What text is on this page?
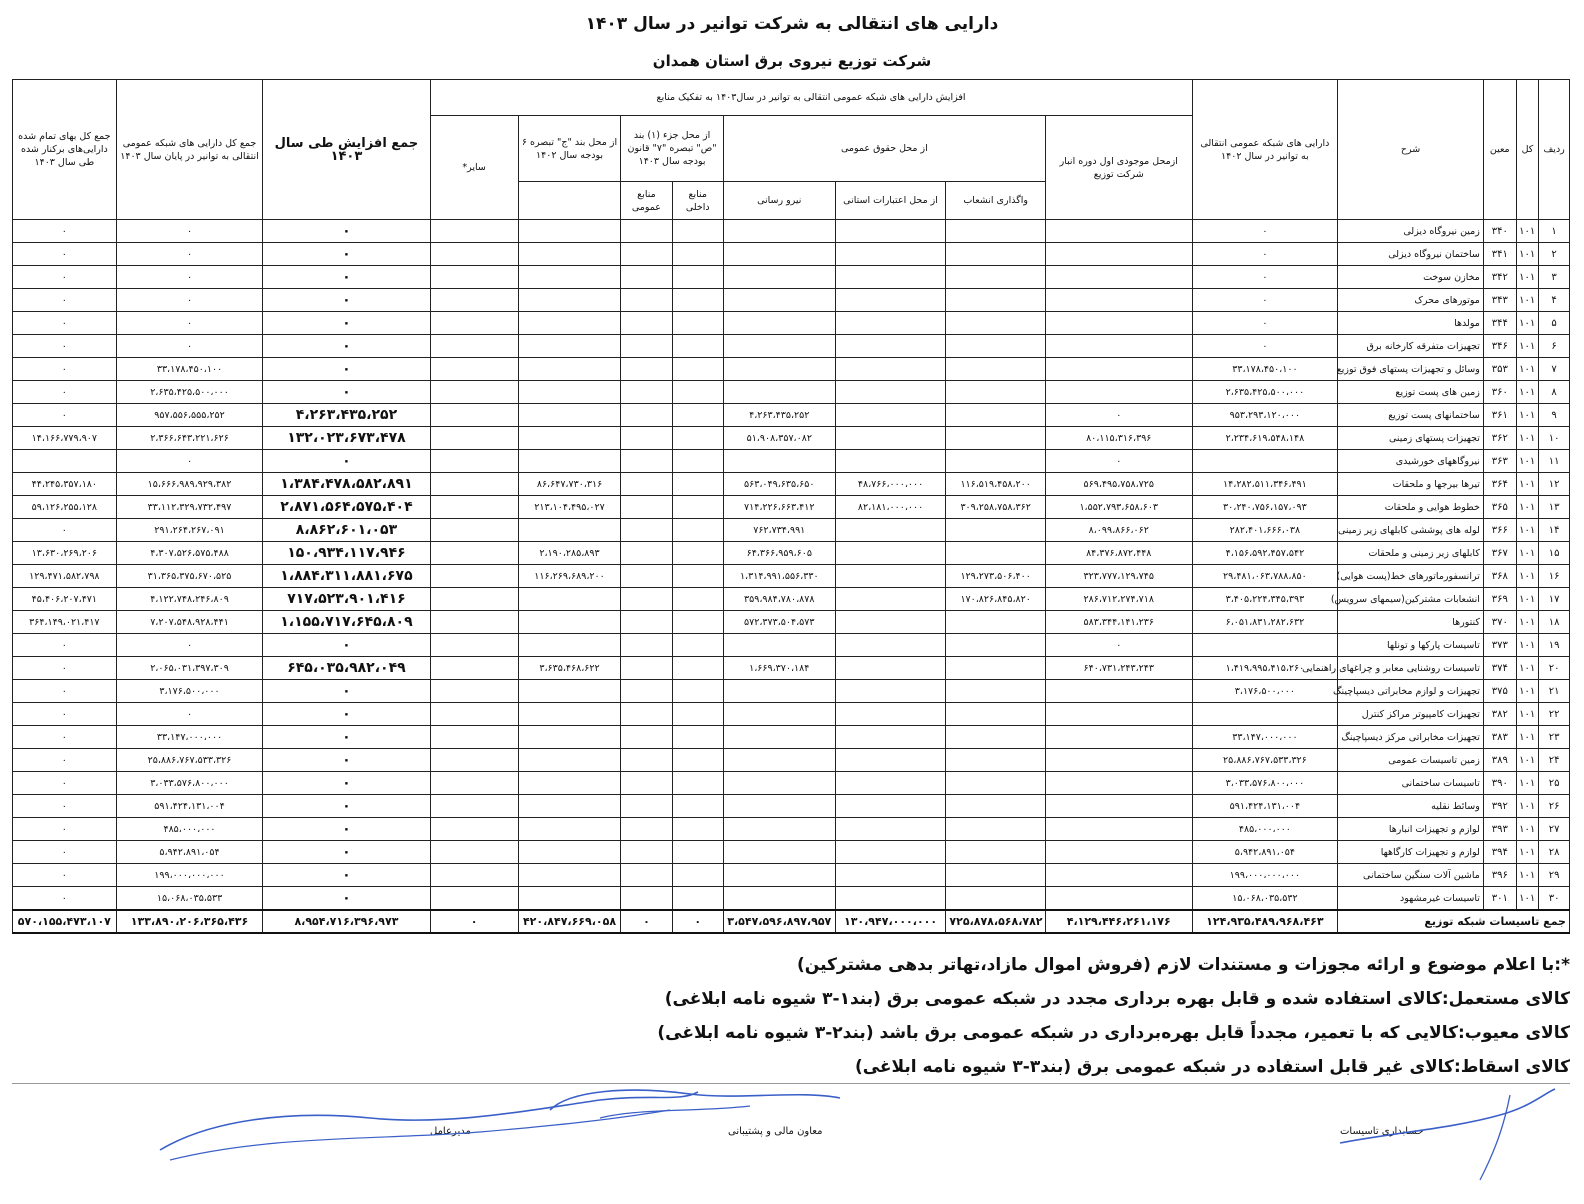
دارایی های انتقالی به شرکت توانیر در سال ۱۴۰۳
شرکت توزیع نیروی برق استان همدان
ردیف	کل	معین	شرح	دارایی های شبکه عمومی انتقالی به توانیر در سال ۱۴۰۲	افزایش دارایی های شبکه عمومی انتقالی به توانیر در سال۱۴۰۳ به تفکیک منابع								جمع افزایش طی سال ۱۴۰۳	جمع کل دارایی های شبکه عمومی انتقالی به توانیر در پایان سال ۱۴۰۳	جمع کل بهای تمام شده دارایی‌های برکنار شده طی سال ۱۴۰۳
					ازمحل موجودی اول دوره انبار شرکت توزیع	از محل حقوق عمومی			از محل جزء (۱) بند "ص" تبصره "۷" قانون بودجه سال ۱۴۰۳		از محل بند "ج" تبصره ۶ بودجه سال ۱۴۰۲	سایر*			
						واگذاری انشعاب	از محل اعتبارات استانی	نیرو رسانی	منابع داخلی	منابع عمومی					
۱	۱۰۱	۳۴۰	زمین نیروگاه دیزلی	۰									۰	۰	۰
۲	۱۰۱	۳۴۱	ساختمان نیروگاه دیزلی	۰									۰	۰	۰
۳	۱۰۱	۳۴۲	مخازن سوخت	۰									۰	۰	۰
۴	۱۰۱	۳۴۳	موتورهای محرک	۰									۰	۰	۰
۵	۱۰۱	۳۴۴	مولدها	۰									۰	۰	۰
۶	۱۰۱	۳۴۶	تجهیزات متفرقه کارخانه برق	۰									۰	۰	۰
۷	۱۰۱	۳۵۳	وسائل و تجهیزات پستهای فوق توزیع	۳۳،۱۷۸،۴۵۰،۱۰۰									۰	۳۳،۱۷۸،۴۵۰،۱۰۰	۰
۸	۱۰۱	۳۶۰	زمین های پست توزیع	۲،۶۳۵،۴۲۵،۵۰۰،۰۰۰									۰	۲،۶۳۵،۴۲۵،۵۰۰،۰۰۰	۰
۹	۱۰۱	۳۶۱	ساختمانهای پست توزیع	۹۵۳،۲۹۳،۱۲۰،۰۰۰	۰			۴،۲۶۳،۴۳۵،۲۵۲					۴،۲۶۳،۴۳۵،۲۵۲	۹۵۷،۵۵۶،۵۵۵،۲۵۲	۰
۱۰	۱۰۱	۳۶۲	تجهیزات پستهای زمینی	۲،۲۳۴،۶۱۹،۵۴۸،۱۴۸	۸۰،۱۱۵،۳۱۶،۳۹۶			۵۱،۹۰۸،۳۵۷،۰۸۲					۱۳۲،۰۲۳،۶۷۳،۴۷۸	۲،۳۶۶،۶۴۳،۲۲۱،۶۲۶	۱۴،۱۶۶،۷۷۹،۹۰۷
۱۱	۱۰۱	۳۶۳	نیروگاههای خورشیدی		۰								۰	۰	
۱۲	۱۰۱	۳۶۴	تیرها بیرجها و ملحقات	۱۴،۲۸۲،۵۱۱،۳۴۶،۴۹۱	۵۶۹،۴۹۵،۷۵۸،۷۲۵	۱۱۶،۵۱۹،۴۵۸،۲۰۰	۴۸،۷۶۶،۰۰۰،۰۰۰	۵۶۳،۰۴۹،۶۳۵،۶۵۰			۸۶،۶۴۷،۷۳۰،۳۱۶		۱،۳۸۴،۴۷۸،۵۸۲،۸۹۱	۱۵،۶۶۶،۹۸۹،۹۲۹،۳۸۲	۴۴،۲۴۵،۳۵۷،۱۸۰
۱۳	۱۰۱	۳۶۵	خطوط هوایی و ملحقات	۳۰،۲۴۰،۷۵۶،۱۵۷،۰۹۳	۱،۵۵۲،۷۹۳،۶۵۸،۶۰۳	۳۰۹،۲۵۸،۷۵۸،۳۶۲	۸۲،۱۸۱،۰۰۰،۰۰۰	۷۱۴،۲۲۶،۶۶۳،۴۱۲			۲۱۳،۱۰۴،۴۹۵،۰۲۷		۲،۸۷۱،۵۶۴،۵۷۵،۴۰۴	۳۳،۱۱۲،۳۲۹،۷۳۲،۴۹۷	۵۹،۱۲۶،۲۵۵،۱۲۸
۱۴	۱۰۱	۳۶۶	لوله های پوششی کابلهای زیر زمینی	۲۸۲،۴۰۱،۶۶۶،۰۳۸	۸،۰۹۹،۸۶۶،۰۶۲			۷۶۲،۷۳۴،۹۹۱					۸،۸۶۲،۶۰۱،۰۵۳	۲۹۱،۲۶۴،۲۶۷،۰۹۱	۰
۱۵	۱۰۱	۳۶۷	کابلهای زیر زمینی و ملحقات	۴،۱۵۶،۵۹۲،۴۵۷،۵۴۲	۸۴،۳۷۶،۸۷۲،۴۴۸			۶۴،۳۶۶،۹۵۹،۶۰۵			۲،۱۹۰،۲۸۵،۸۹۳		۱۵۰،۹۳۴،۱۱۷،۹۴۶	۴،۳۰۷،۵۲۶،۵۷۵،۴۸۸	۱۳،۶۳۰،۲۶۹،۲۰۶
۱۶	۱۰۱	۳۶۸	ترانسفورماتورهای خط(پست هوایی)	۲۹،۴۸۱،۰۶۳،۷۸۸،۸۵۰	۳۲۳،۷۷۷،۱۲۹،۷۴۵	۱۲۹،۲۷۳،۵۰۶،۴۰۰		۱،۳۱۴،۹۹۱،۵۵۶،۳۳۰			۱۱۶،۲۶۹،۶۸۹،۲۰۰		۱،۸۸۴،۳۱۱،۸۸۱،۶۷۵	۳۱،۳۶۵،۳۷۵،۶۷۰،۵۲۵	۱۲۹،۴۷۱،۵۸۲،۷۹۸
۱۷	۱۰۱	۳۶۹	انشعابات مشترکین(سیمهای سرویس)	۳،۴۰۵،۲۲۴،۳۴۵،۳۹۳	۲۸۶،۷۱۲،۲۷۴،۷۱۸	۱۷۰،۸۲۶،۸۴۵،۸۲۰		۳۵۹،۹۸۴،۷۸۰،۸۷۸					۷۱۷،۵۲۳،۹۰۱،۴۱۶	۴،۱۲۲،۷۴۸،۲۴۶،۸۰۹	۴۵،۴۰۶،۲۰۷،۴۷۱
۱۸	۱۰۱	۳۷۰	کنتورها	۶،۰۵۱،۸۳۱،۲۸۲،۶۳۲	۵۸۳،۳۴۴،۱۴۱،۲۳۶			۵۷۲،۳۷۳،۵۰۴،۵۷۳					۱،۱۵۵،۷۱۷،۶۴۵،۸۰۹	۷،۲۰۷،۵۴۸،۹۲۸،۴۴۱	۳۶۴،۱۴۹،۰۲۱،۴۱۷
۱۹	۱۰۱	۳۷۳	تاسیسات پارکها و تونلها		۰								۰	۰	۰
۲۰	۱۰۱	۳۷۴	تاسیسات روشنایی معابر و چراغهای راهنمایی	۱،۴۱۹،۹۹۵،۴۱۵،۲۶۰	۶۴۰،۷۳۱،۲۴۳،۲۴۳			۱،۶۶۹،۳۷۰،۱۸۴			۳،۶۳۵،۴۶۸،۶۲۲		۶۴۵،۰۳۵،۹۸۲،۰۴۹	۲،۰۶۵،۰۳۱،۳۹۷،۳۰۹	۰
۲۱	۱۰۱	۳۷۵	تجهیزات و لوازم مخابراتی دیسپاچینگ	۳،۱۷۶،۵۰۰،۰۰۰									۰	۳،۱۷۶،۵۰۰،۰۰۰	۰
۲۲	۱۰۱	۳۸۲	تجهیزات کامپیوتر مراکز کنترل										۰	۰	۰
۲۳	۱۰۱	۳۸۳	تجهیزات مخابراتی مرکز دیسپاچینگ	۳۳،۱۴۷،۰۰۰،۰۰۰									۰	۳۳،۱۴۷،۰۰۰،۰۰۰	۰
۲۴	۱۰۱	۳۸۹	زمین تاسیسات عمومی	۲۵،۸۸۶،۷۶۷،۵۳۳،۳۲۶									۰	۲۵،۸۸۶،۷۶۷،۵۳۳،۳۲۶	۰
۲۵	۱۰۱	۳۹۰	تاسیسات ساختمانی	۳،۰۳۳،۵۷۶،۸۰۰،۰۰۰									۰	۳،۰۳۳،۵۷۶،۸۰۰،۰۰۰	۰
۲۶	۱۰۱	۳۹۲	وسائط نقلیه	۵۹۱،۴۲۴،۱۳۱،۰۰۴									۰	۵۹۱،۴۲۴،۱۳۱،۰۰۴	۰
۲۷	۱۰۱	۳۹۳	لوازم و تجهیزات انبارها	۴۸۵،۰۰۰،۰۰۰									۰	۴۸۵،۰۰۰،۰۰۰	۰
۲۸	۱۰۱	۳۹۴	لوازم و تجهیزات کارگاهها	۵،۹۴۲،۸۹۱،۰۵۴									۰	۵،۹۴۲،۸۹۱،۰۵۴	۰
۲۹	۱۰۱	۳۹۶	ماشین آلات سنگین ساختمانی	۱۹۹،۰۰۰،۰۰۰،۰۰۰									۰	۱۹۹،۰۰۰،۰۰۰،۰۰۰	۰
۳۰	۱۰۱	۳۰۱	تاسیسات غیرمشهود	۱۵،۰۶۸،۰۳۵،۵۳۲									۰	۱۵،۰۶۸،۰۳۵،۵۳۳	۰
جمع تاسیسات شبکه توزیع				۱۲۴،۹۳۵،۴۸۹،۹۶۸،۴۶۳	۴،۱۲۹،۴۴۶،۲۶۱،۱۷۶	۷۲۵،۸۷۸،۵۶۸،۷۸۲	۱۳۰،۹۴۷،۰۰۰،۰۰۰	۳،۵۴۷،۵۹۶،۸۹۷،۹۵۷	۰	۰	۴۲۰،۸۴۷،۶۶۹،۰۵۸	۰	۸،۹۵۴،۷۱۶،۳۹۶،۹۷۳	۱۳۳،۸۹۰،۲۰۶،۳۶۵،۴۳۶	۵۷۰،۱۵۵،۴۷۳،۱۰۷
*:با اعلام موضوع و ارائه مجوزات و مستندات لازم (فروش اموال مازاد،تهاتر بدهی مشترکین)
کالای مستعمل:کالای استفاده شده و قابل بهره برداری مجدد در شبکه عمومی برق (بند۱-۳ شیوه نامه ابلاغی)
کالای معیوب:کالایی که با تعمیر، مجدداً قابل بهره‌برداری در شبکه عمومی برق باشد (بند۲-۳ شیوه نامه ابلاغی)
کالای اسقاط:کالای غیر قابل استفاده در شبکه عمومی برق (بند۳-۳ شیوه نامه ابلاغی)
حسابداری تاسیسات
معاون مالی و پشتیبانی
مدیرعامل
